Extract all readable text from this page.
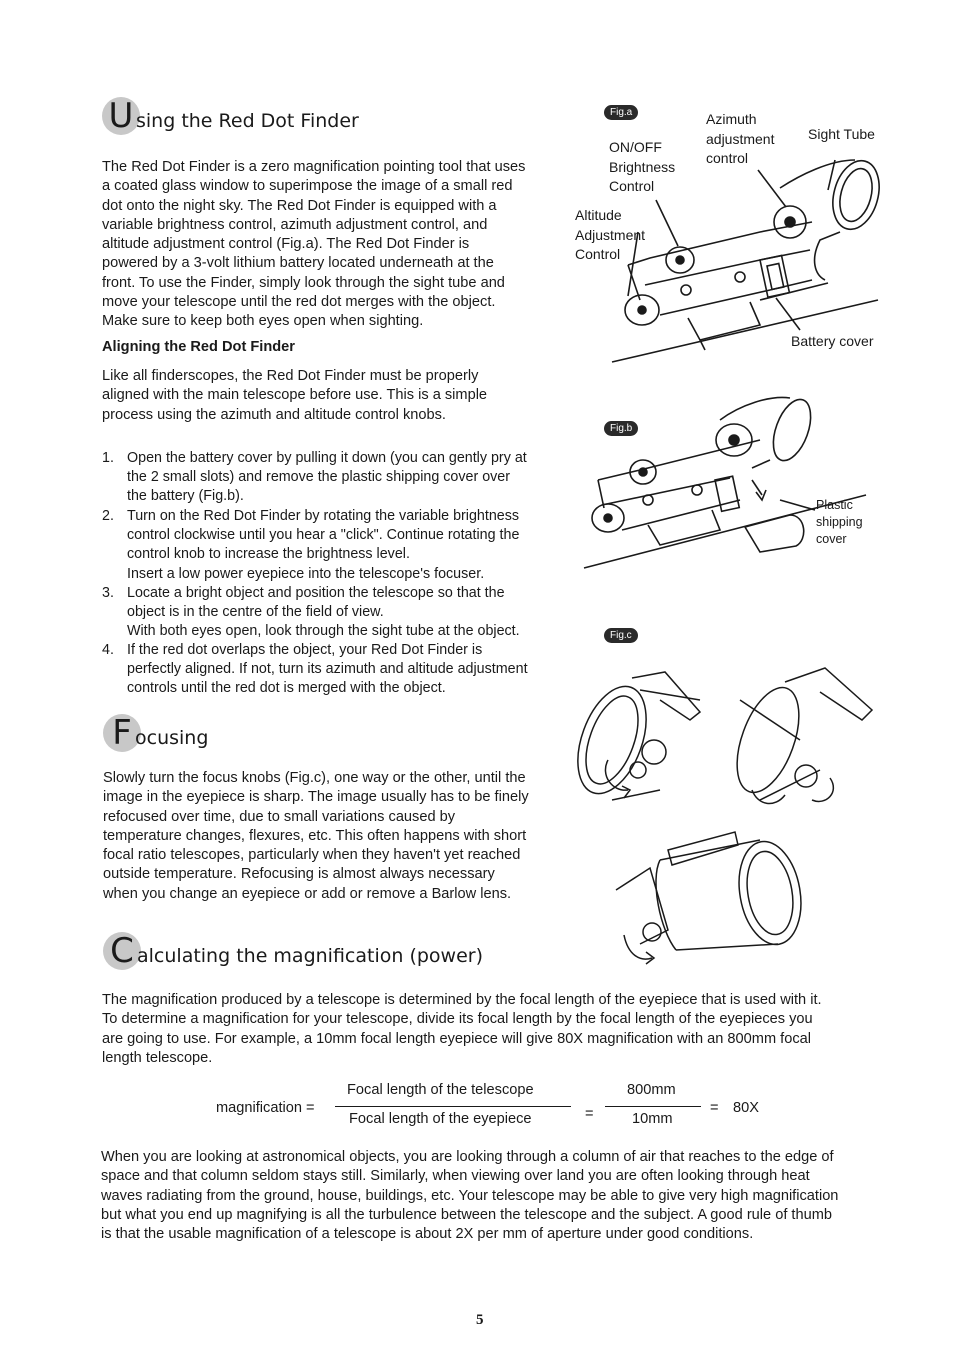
U sing the Red Dot Finder
The Red Dot Finder is a zero magnification pointing tool that uses
a coated glass window to superimpose the image of a small red
dot onto the night sky. The Red Dot Finder is equipped with a
variable brightness control, azimuth adjustment control, and
altitude adjustment control (Fig.a). The Red Dot Finder is
powered by a 3-volt lithium battery located underneath at the
front. To use the Finder, simply look through the sight tube and
move your telescope until the red dot merges with the object.
Make sure to keep both eyes open when sighting.
Aligning the Red Dot Finder
Like all finderscopes, the Red Dot Finder must be properly
aligned with the main telescope before use. This is a simple
process using the azimuth and altitude control knobs.
1. Open the battery cover by pulling it down (you can gently pry at
the 2 small slots) and remove the plastic shipping cover over
the battery (Fig.b).
2. Turn on the Red Dot Finder by rotating the variable brightness
control clockwise until you hear a "click". Continue rotating the
control knob to increase the brightness level.
Insert a low power eyepiece into the telescope's focuser.
3. Locate a bright object and position the telescope so that the
object is in the centre of the field of view.
With both eyes open, look through the sight tube at the object.
4. If the red dot overlaps the object, your Red Dot Finder is
perfectly aligned. If not, turn its azimuth and altitude adjustment
controls until the red dot is merged with the object.
F ocusing
Slowly turn the focus knobs (Fig.c), one way or the other, until the
image in the eyepiece is sharp. The image usually has to be finely
refocused over time, due to small variations caused by
temperature changes, flexures, etc. This often happens with short
focal ratio telescopes, particularly when they haven't yet reached
outside temperature. Refocusing is almost always necessary
when you change an eyepiece or add or remove a Barlow lens.
C alculating the magnification (power)
The magnification produced by a telescope is determined by the focal length of the eyepiece that is used with it.
To determine a magnification for your telescope, divide its focal length by the focal length of the eyepieces you
are going to use. For example, a 10mm focal length eyepiece will give 80X magnification with an 800mm focal
length telescope.
magnification =
Focal length of the telescope
Focal length of the eyepiece	=
800mm
10mm
= 80X
When you are looking at astronomical objects, you are looking through a column of air that reaches to the edge of
space and that column seldom stays still. Similarly, when viewing over land you are often looking through heat
waves radiating from the ground, house, buildings, etc. Your telescope may be able to give very high magnification
but what you end up magnifying is all the turbulence between the telescope and the subject. A good rule of thumb
is that the usable magnification of a telescope is about 2X per mm of aperture under good conditions.
5
Fig.a	Azimuth
adjustment
control
Sight Tube
ON/OFF
Brightness
Control
Altitude
Adjustment
Control
Battery cover
Fig.b
Plastic
shipping
cover
Fig.c
